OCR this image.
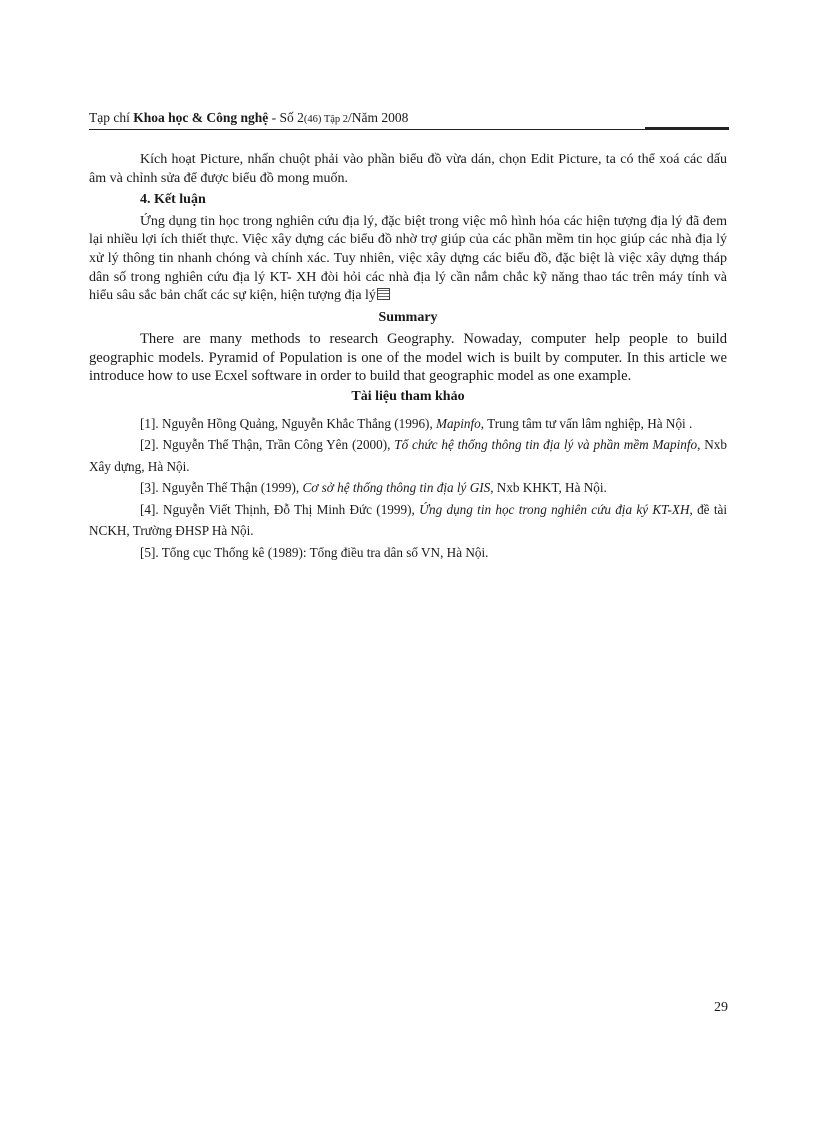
Tạp chí Khoa học & Công nghệ - Số 2(46) Tập 2/Năm 2008

Kích hoạt Picture, nhấn chuột phải vào phần biểu đồ vừa dán, chọn Edit Picture, ta có thể xoá các dấu âm và chỉnh sửa để được biểu đồ mong muốn.

4. Kết luận

Ứng dụng tin học trong nghiên cứu địa lý, đặc biệt trong việc mô hình hóa các hiện tượng địa lý đã đem lại nhiều lợi ích thiết thực. Việc xây dựng các biểu đồ nhờ trợ giúp của các phần mềm tin học giúp các nhà địa lý xử lý thông tin nhanh chóng và chính xác. Tuy nhiên, việc xây dựng các biểu đồ, đặc biệt là việc xây dựng tháp dân số trong nghiên cứu địa lý KT- XH đòi hỏi các nhà địa lý cần nắm chắc kỹ năng thao tác trên máy tính và hiểu sâu sắc bản chất các sự kiện, hiện tượng địa lý

Summary

There are many methods to research Geography. Nowaday, computer help people to build geographic models. Pyramid of Population is one of the model wich is built by computer. In this article we introduce how to use Ecxel software in order to build that geographic model as one example.

Tài liệu tham khảo

[1]. Nguyễn Hồng Quảng, Nguyễn Khắc Thắng (1996), Mapinfo, Trung tâm tư vấn lâm nghiệp, Hà Nội .

[2]. Nguyễn Thế Thận, Trần Công Yên (2000), Tổ chức hệ thống thông tin địa lý và phần mềm Mapinfo, Nxb Xây dựng, Hà Nội.

[3]. Nguyễn Thế Thận (1999), Cơ sở hệ thống thông tin địa lý GIS, Nxb KHKT, Hà Nội.

[4]. Nguyễn Viết Thịnh, Đỗ Thị Minh Đức (1999), Ứng dụng tin học trong nghiên cứu địa ký KT-XH, đề tài NCKH, Trường ĐHSP Hà Nội.

[5]. Tổng cục Thống kê (1989): Tổng điều tra dân số VN, Hà Nội.

29
